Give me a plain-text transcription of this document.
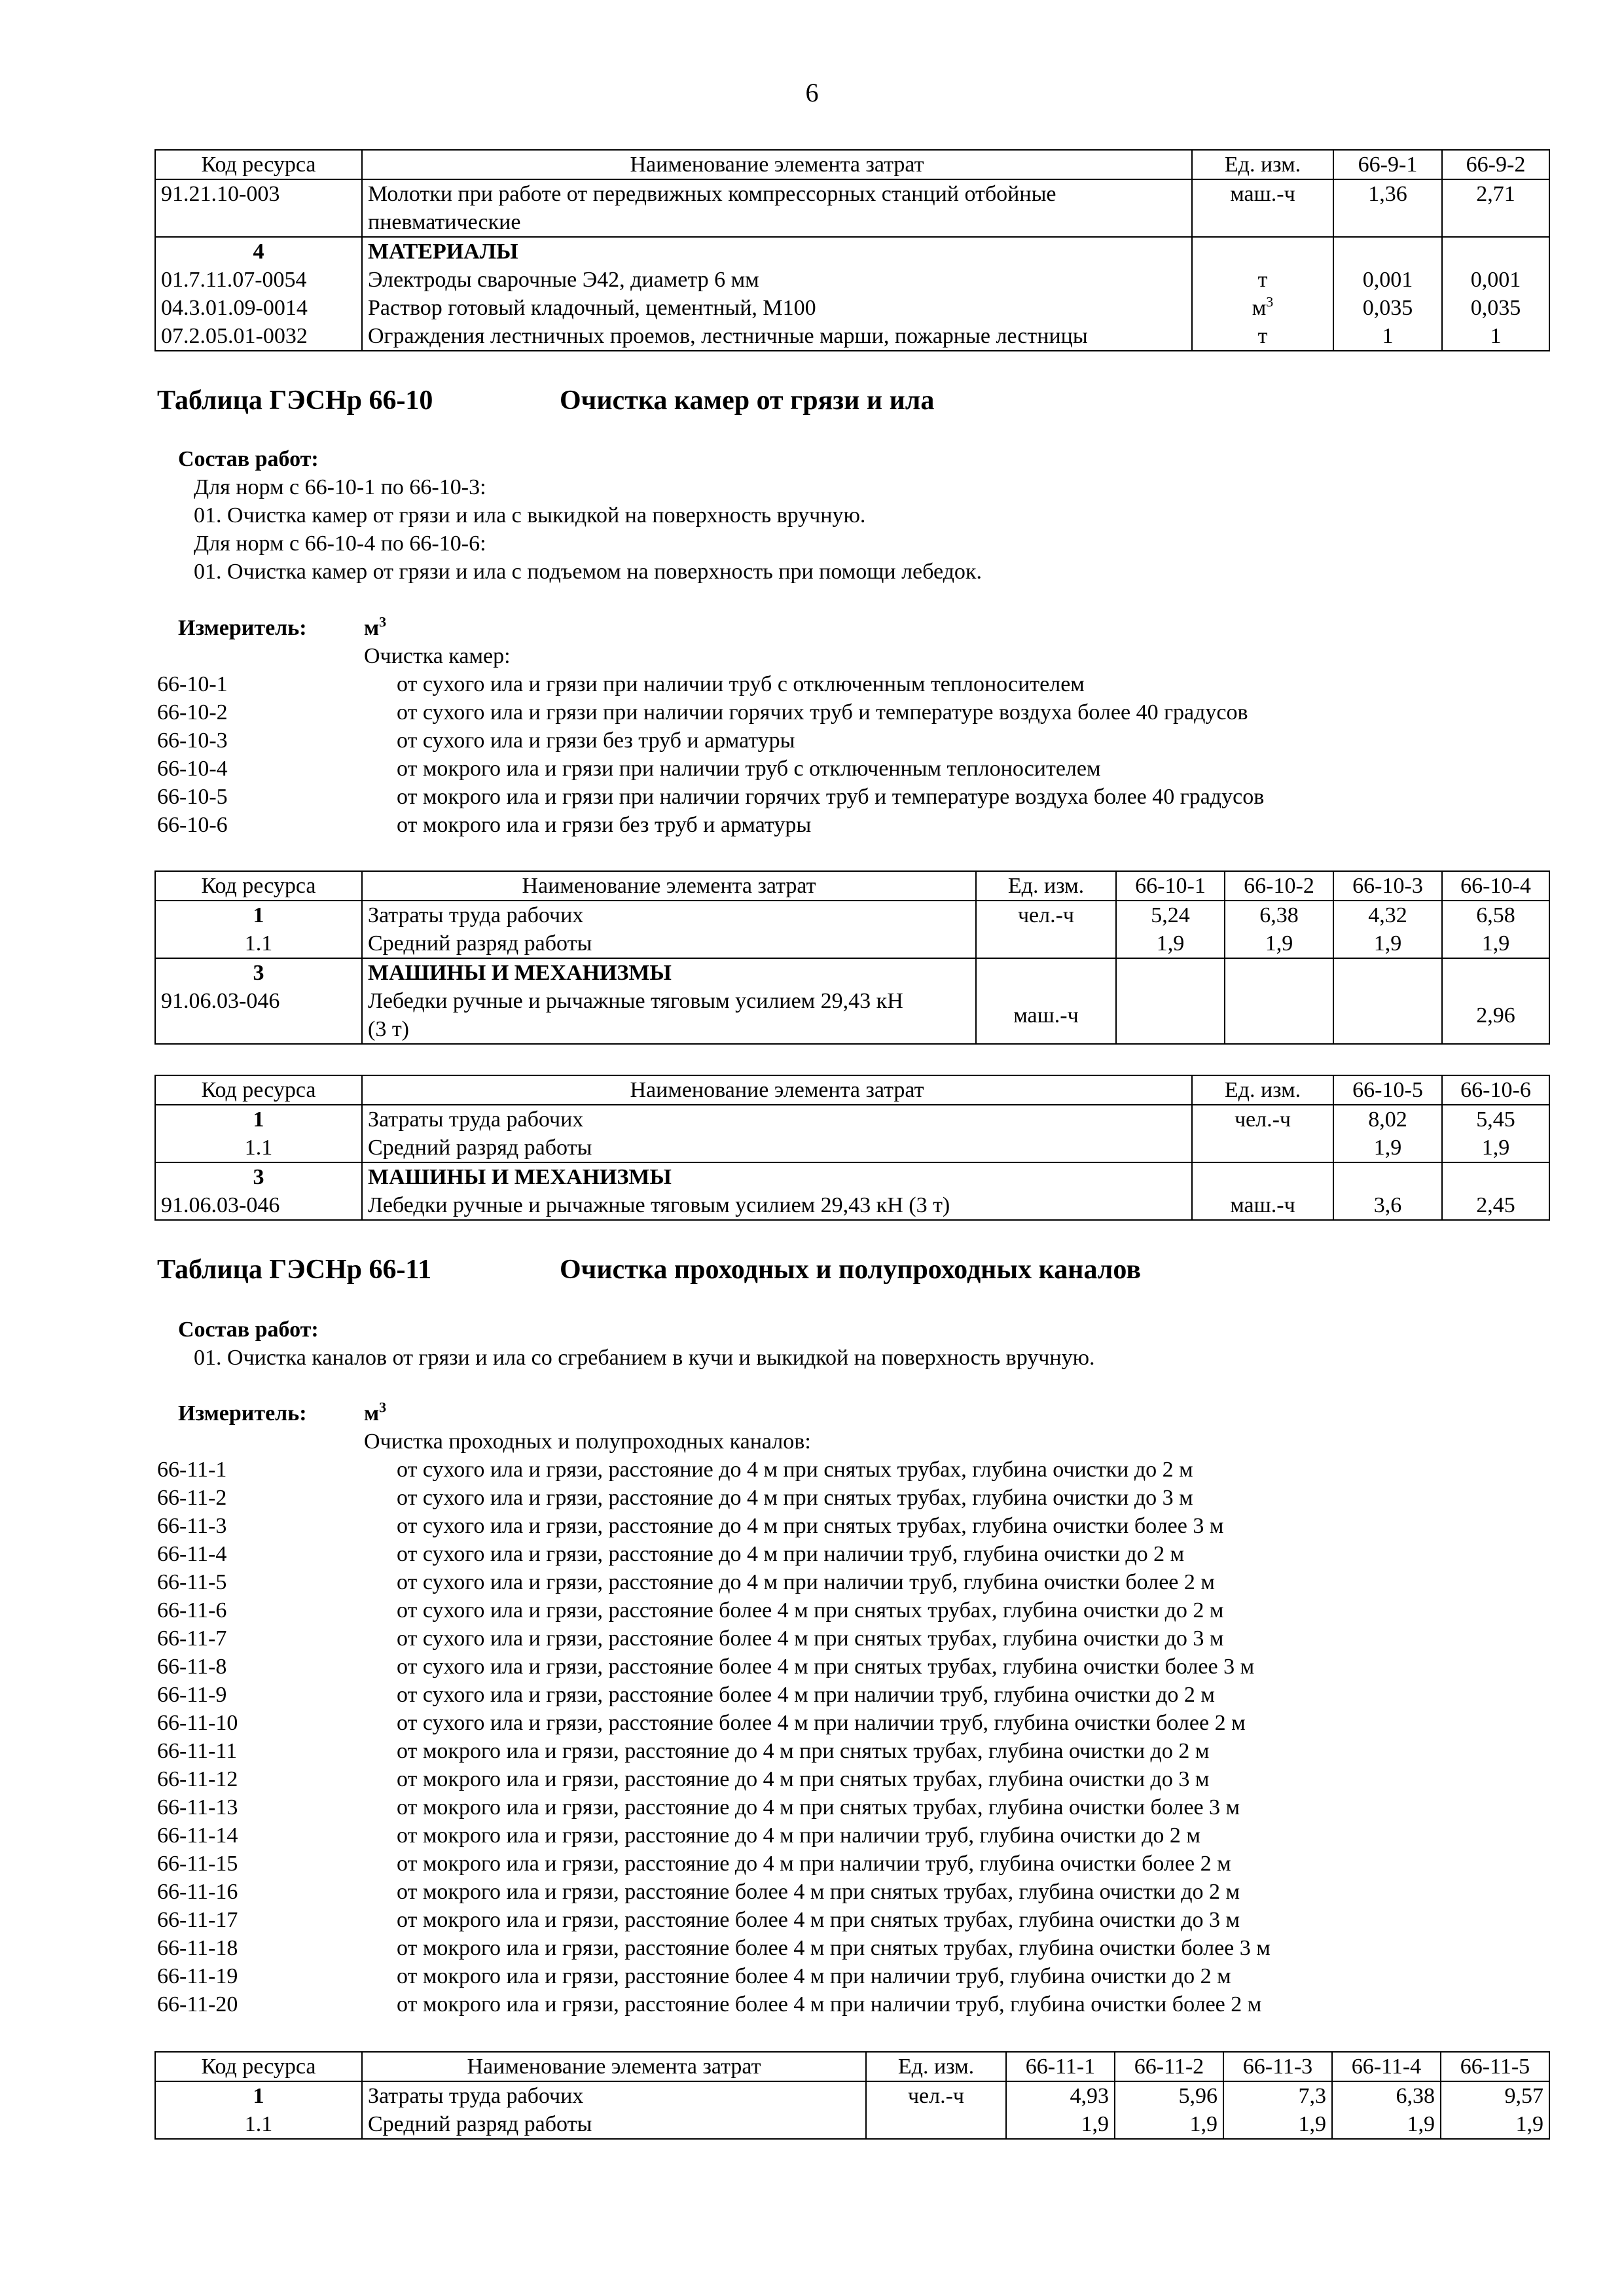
6
Код ресурса	Наименование элемента затрат	Ед. изм.	66-9-1	66-9-2
91.21.10-003	Молотки при работе от передвижных компрессорных станций отбойные
пневматические	маш.-ч	1,36	2,71
4	МАТЕРИАЛЫ			
01.7.11.07-0054	Электроды сварочные Э42, диаметр 6 мм	т	0,001	0,001
04.3.01.09-0014	Раствор готовый кладочный, цементный, М100	$м^3$	0,035	0,035
07.2.05.01-0032	Ограждения лестничных проемов, лестничные марши, пожарные лестницы	т	1	1
Таблица ГЭСНр 66-10	Очистка камер от грязи и ила
Состав работ:
Для норм с 66-10-1 по 66-10-3:
01. Очистка камер от грязи и ила с выкидкой на поверхность вручную.
Для норм с 66-10-4 по 66-10-6:
01. Очистка камер от грязи и ила с подъемом на поверхность при помощи лебедок.
Измеритель:	$м^3$
Очистка камер:
66-10-1	от сухого ила и грязи при наличии труб с отключенным теплоносителем
66-10-2	от сухого ила и грязи при наличии горячих труб и температуре воздуха более 40 градусов
66-10-3	от сухого ила и грязи без труб и арматуры
66-10-4	от мокрого ила и грязи при наличии труб с отключенным теплоносителем
66-10-5	от мокрого ила и грязи при наличии горячих труб и температуре воздуха более 40 градусов
66-10-6	от мокрого ила и грязи без труб и арматуры
Код ресурса	Наименование элемента затрат	Ед. изм.	66-10-1	66-10-2	66-10-3	66-10-4
1	Затраты труда рабочих	чел.-ч	5,24	6,38	4,32	6,58
1.1	Средний разряд работы		1,9	1,9	1,9	1,9
3	МАШИНЫ И МЕХАНИЗМЫ					
91.06.03-046	Лебедки ручные и рычажные тяговым усилием 29,43 кН
(3 т)	маш.-ч				2,96
Код ресурса	Наименование элемента затрат	Ед. изм.	66-10-5	66-10-6
1	Затраты труда рабочих	чел.-ч	8,02	5,45
1.1	Средний разряд работы		1,9	1,9
3	МАШИНЫ И МЕХАНИЗМЫ			
91.06.03-046	Лебедки ручные и рычажные тяговым усилием 29,43 кН (3 т)	маш.-ч	3,6	2,45
Таблица ГЭСНр 66-11	Очистка проходных и полупроходных каналов
Состав работ:
01. Очистка каналов от грязи и ила со сгребанием в кучи и выкидкой на поверхность вручную.
Измеритель:	$м^3$
Очистка проходных и полупроходных каналов:
66-11-1	от сухого ила и грязи, расстояние до 4 м при снятых трубах, глубина очистки до 2 м
66-11-2	от сухого ила и грязи, расстояние до 4 м при снятых трубах, глубина очистки до 3 м
66-11-3	от сухого ила и грязи, расстояние до 4 м при снятых трубах, глубина очистки более 3 м
66-11-4	от сухого ила и грязи, расстояние до 4 м при наличии труб, глубина очистки до 2 м
66-11-5	от сухого ила и грязи, расстояние до 4 м при наличии труб, глубина очистки более 2 м
66-11-6	от сухого ила и грязи, расстояние более 4 м при снятых трубах, глубина очистки до 2 м
66-11-7	от сухого ила и грязи, расстояние более 4 м при снятых трубах, глубина очистки до 3 м
66-11-8	от сухого ила и грязи, расстояние более 4 м при снятых трубах, глубина очистки более 3 м
66-11-9	от сухого ила и грязи, расстояние более 4 м при наличии труб, глубина очистки до 2 м
66-11-10	от сухого ила и грязи, расстояние более 4 м при наличии труб, глубина очистки более 2 м
66-11-11	от мокрого ила и грязи, расстояние до 4 м при снятых трубах, глубина очистки до 2 м
66-11-12	от мокрого ила и грязи, расстояние до 4 м при снятых трубах, глубина очистки до 3 м
66-11-13	от мокрого ила и грязи, расстояние до 4 м при снятых трубах, глубина очистки более 3 м
66-11-14	от мокрого ила и грязи, расстояние до 4 м при наличии труб, глубина очистки до 2 м
66-11-15	от мокрого ила и грязи, расстояние до 4 м при наличии труб, глубина очистки более 2 м
66-11-16	от мокрого ила и грязи, расстояние более 4 м при снятых трубах, глубина очистки до 2 м
66-11-17	от мокрого ила и грязи, расстояние более 4 м при снятых трубах, глубина очистки до 3 м
66-11-18	от мокрого ила и грязи, расстояние более 4 м при снятых трубах, глубина очистки более 3 м
66-11-19	от мокрого ила и грязи, расстояние более 4 м при наличии труб, глубина очистки до 2 м
66-11-20	от мокрого ила и грязи, расстояние более 4 м при наличии труб, глубина очистки более 2 м
Код ресурса	Наименование элемента затрат	Ед. изм.	66-11-1	66-11-2	66-11-3	66-11-4	66-11-5
1	Затраты труда рабочих	чел.-ч	4,93	5,96	7,3	6,38	9,57
1.1	Средний разряд работы		1,9	1,9	1,9	1,9	1,9
